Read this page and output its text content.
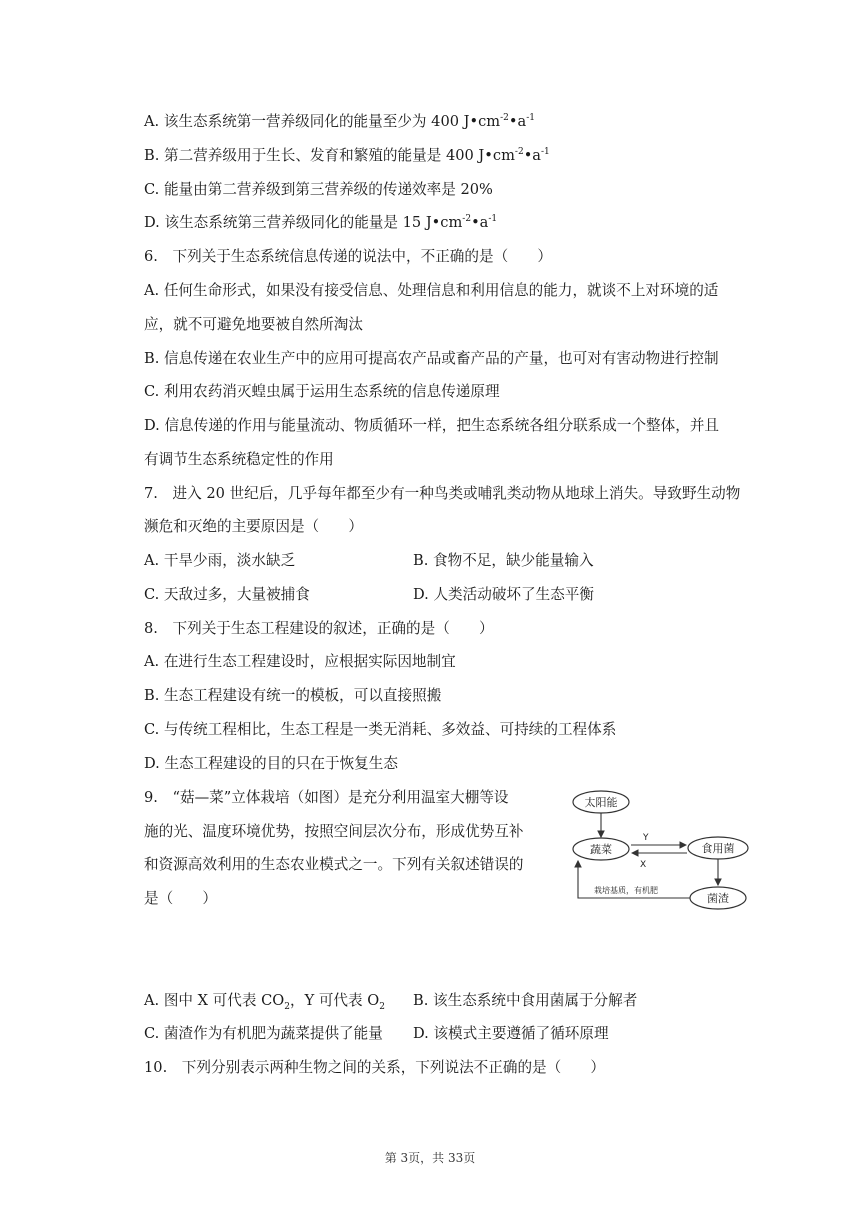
A. 该生态系统第一营养级同化的能量至少为 400 $J•cm^{-2}•a^{-1}$
B. 第二营养级用于生长、发育和繁殖的能量是 400 $J•cm^{-2}•a^{-1}$
C. 能量由第二营养级到第三营养级的传递效率是 20%
D. 该生态系统第三营养级同化的能量是 15 $J•cm^{-2}•a^{-1}$
6.　下列关于生态系统信息传递的说法中，不正确的是（　　）
A. 任何生命形式，如果没有接受信息、处理信息和利用信息的能力，就谈不上对环境的适
应，就不可避免地要被自然所淘汰
B. 信息传递在农业生产中的应用可提高农产品或畜产品的产量，也可对有害动物进行控制
C. 利用农药消灭蝗虫属于运用生态系统的信息传递原理
D. 信息传递的作用与能量流动、物质循环一样，把生态系统各组分联系成一个整体，并且
有调节生态系统稳定性的作用
7.　进入 20 世纪后，几乎每年都至少有一种鸟类或哺乳类动物从地球上消失。导致野生动物
濒危和灭绝的主要原因是（　　）
A. 干旱少雨，淡水缺乏	B. 食物不足，缺少能量输入
C. 天敌过多，大量被捕食	D. 人类活动破坏了生态平衡
8.　下列关于生态工程建设的叙述，正确的是（　　）
A. 在进行生态工程建设时，应根据实际因地制宜
B. 生态工程建设有统一的模板，可以直接照搬
C. 与传统工程相比，生态工程是一类无消耗、多效益、可持续的工程体系
D. 生态工程建设的目的只在于恢复生态
9.　“菇—菜”立体栽培（如图）是充分利用温室大棚等设
施的光、温度环境优势，按照空间层次分布，形成优势互补
和资源高效利用的生态农业模式之一。下列有关叙述错误的
是（　　）
太阳能
蔬菜	食用菌
菌渣
Y
X
栽培基质，有机肥
A. 图中 X 可代表 $CO_2$，Y 可代表 $O_2$ B. 该生态系统中食用菌属于分解者
C. 菌渣作为有机肥为蔬菜提供了能量 D. 该模式主要遵循了循环原理
10.　下列分别表示两种生物之间的关系，下列说法不正确的是（　　）
第 3页，共 33页
